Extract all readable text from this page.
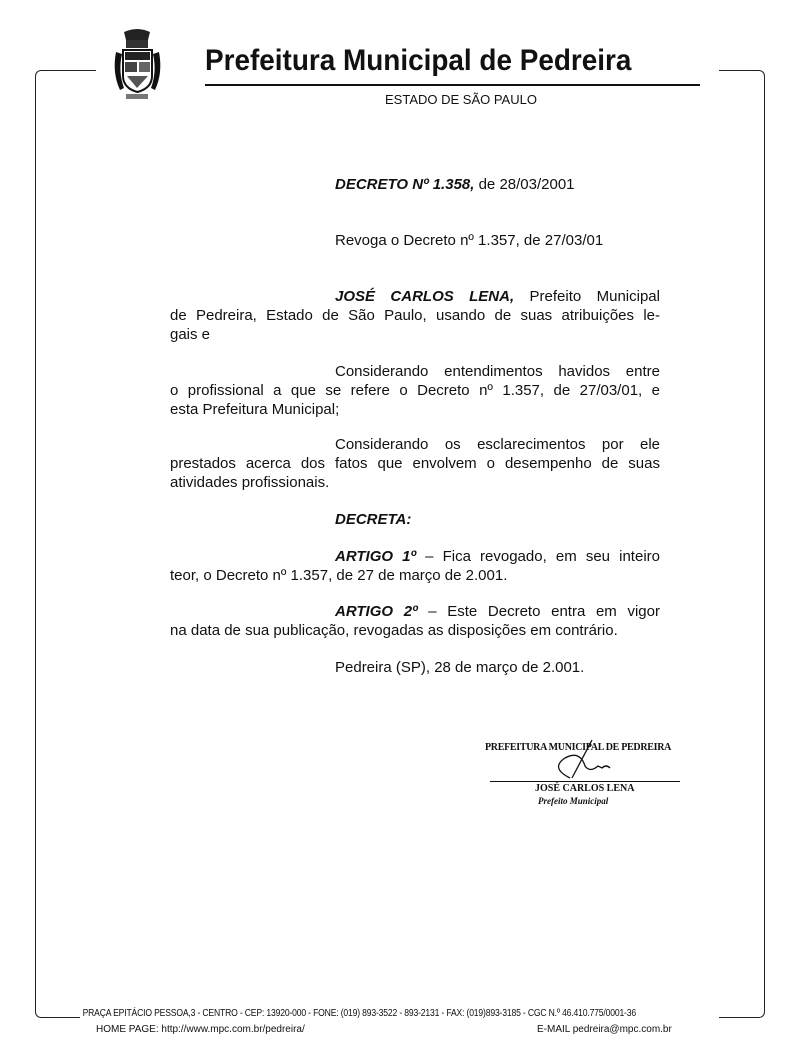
Prefeitura Municipal de Pedreira
ESTADO DE SÃO PAULO
DECRETO Nº 1.358, de 28/03/2001
Revoga o Decreto nº 1.357, de 27/03/01
JOSÉ CARLOS LENA, Prefeito Municipal
de Pedreira, Estado de São Paulo, usando de suas atribuições le-
gais e
Considerando entendimentos havidos entre
o profissional a que se refere o Decreto nº 1.357, de 27/03/01, e
esta Prefeitura Municipal;
Considerando os esclarecimentos por ele
prestados acerca dos fatos que envolvem o desempenho de suas
atividades profissionais.
DECRETA:
ARTIGO 1º – Fica revogado, em seu inteiro
teor, o Decreto nº 1.357, de 27 de março de 2.001.
ARTIGO 2º – Este Decreto entra em vigor
na data de sua publicação, revogadas as disposições em contrário.
Pedreira (SP), 28 de março de 2.001.
PREFEITURA MUNICIPAL DE PEDREIRA
JOSÉ CARLOS LENA
Prefeito Municipal
PRAÇA EPITÁCIO PESSOA,3 - CENTRO - CEP: 13920-000 - FONE: (019) 893-3522 - 893-2131 - FAX: (019)893-3185 - CGC N.º 46.410.775/0001-36
HOME PAGE: http://www.mpc.com.br/pedreira/	E-MAIL pedreira@mpc.com.br
